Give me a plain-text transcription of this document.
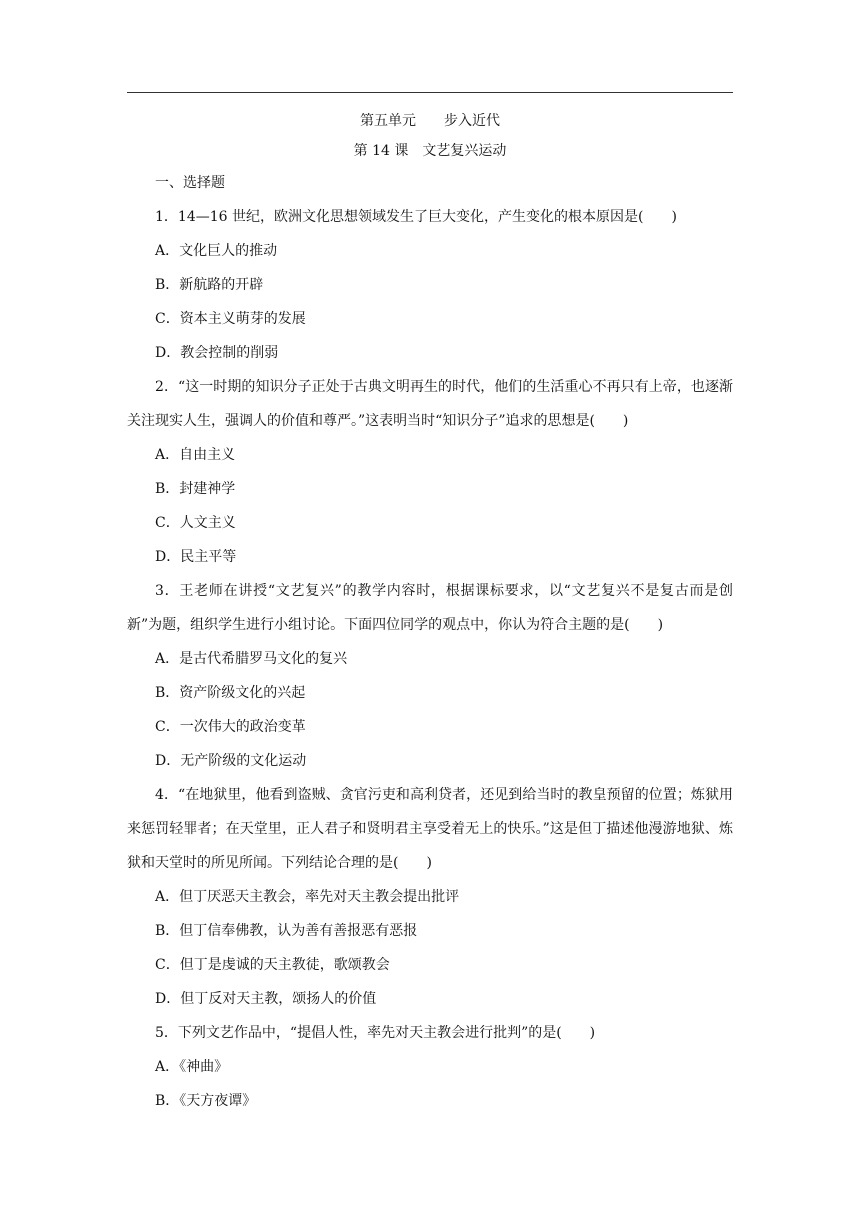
第五单元　　步入近代
第 14 课　文艺复兴运动
一、选择题
1．14—16 世纪，欧洲文化思想领域发生了巨大变化，产生变化的根本原因是(　　)
A．文化巨人的推动
B．新航路的开辟
C．资本主义萌芽的发展
D．教会控制的削弱
2．“这一时期的知识分子正处于古典文明再生的时代，他们的生活重心不再只有上帝，也逐渐关注现实人生，强调人的价值和尊严。”这表明当时“知识分子”追求的思想是(　　)
A．自由主义
B．封建神学
C．人文主义
D．民主平等
3．王老师在讲授“文艺复兴”的教学内容时，根据课标要求，以“文艺复兴不是复古而是创新”为题，组织学生进行小组讨论。下面四位同学的观点中，你认为符合主题的是(　　)
A．是古代希腊罗马文化的复兴
B．资产阶级文化的兴起
C．一次伟大的政治变革
D．无产阶级的文化运动
4．“在地狱里，他看到盗贼、贪官污吏和高利贷者，还见到给当时的教皇预留的位置；炼狱用来惩罚轻罪者；在天堂里，正人君子和贤明君主享受着无上的快乐。”这是但丁描述他漫游地狱、炼狱和天堂时的所见所闻。下列结论合理的是(　　)
A．但丁厌恶天主教会，率先对天主教会提出批评
B．但丁信奉佛教，认为善有善报恶有恶报
C．但丁是虔诚的天主教徒，歌颂教会
D．但丁反对天主教，颂扬人的价值
5．下列文艺作品中，“提倡人性，率先对天主教会进行批判”的是(　　)
A．《神曲》
B．《天方夜谭》
